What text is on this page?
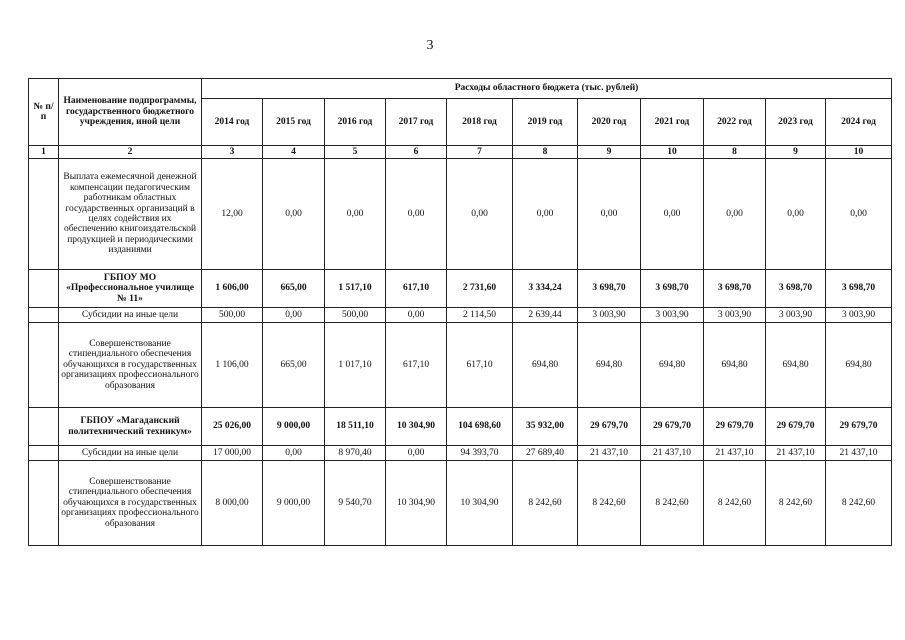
3
№ п/п	Наименование подпрограммы, государственного бюджетного учреждения, иной цели	Расходы областного бюджета (тыс. рублей)										
		2014 год	2015 год	2016 год	2017 год	2018 год	2019 год	2020 год	2021 год	2022 год	2023 год	2024 год
1	2	3	4	5	6	7	8	9	10	8	9	10
	Выплата ежемесячной денежной компенсации педагогическим работникам областных государственных организаций в целях содействия их обеспечению книгоиздательской продукцией и периодическими изданиями	12,00	0,00	0,00	0,00	0,00	0,00	0,00	0,00	0,00	0,00	0,00
	ГБПОУ МО «Профессиональное училище № 11»	1 606,00	665,00	1 517,10	617,10	2 731,60	3 334,24	3 698,70	3 698,70	3 698,70	3 698,70	3 698,70
	Субсидии на иные цели	500,00	0,00	500,00	0,00	2 114,50	2 639,44	3 003,90	3 003,90	3 003,90	3 003,90	3 003,90
	Совершенствование стипендиального обеспечения обучающихся в государственных организациях профессионального образования	1 106,00	665,00	1 017,10	617,10	617,10	694,80	694,80	694,80	694,80	694,80	694,80
	ГБПОУ «Магаданский политехнический техникум»	25 026,00	9 000,00	18 511,10	10 304,90	104 698,60	35 932,00	29 679,70	29 679,70	29 679,70	29 679,70	29 679,70
	Субсидии на иные цели	17 000,00	0,00	8 970,40	0,00	94 393,70	27 689,40	21 437,10	21 437,10	21 437,10	21 437,10	21 437,10
	Совершенствование стипендиального обеспечения обучающихся в государственных организациях профессионального образования	8 000,00	9 000,00	9 540,70	10 304,90	10 304,90	8 242,60	8 242,60	8 242,60	8 242,60	8 242,60	8 242,60
